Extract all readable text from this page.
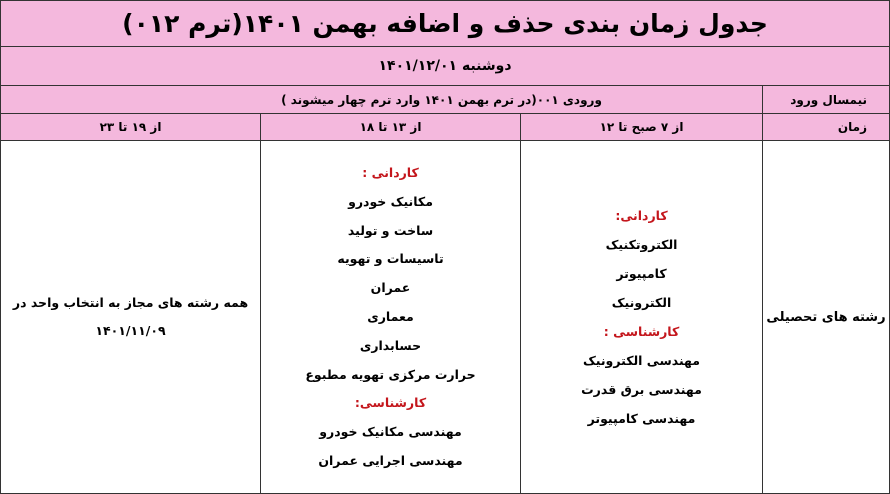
جدول زمان بندی حذف و اضافه بهمن ۱۴۰۱(ترم ۰۱۲)
دوشنبه ۱۴۰۱/۱۲/۰۱
نیمسال ورود
ورودی ۰۰۱(در ترم بهمن ۱۴۰۱ وارد ترم چهار میشوند )
زمان
از ۷ صبح تا ۱۲
از ۱۳ تا ۱۸
از ۱۹ تا ۲۳
رشته های تحصیلی
کاردانی:
الکتروتکنیک
کامپیوتر
الکترونیک
کارشناسی :
مهندسی الکترونیک
مهندسی برق قدرت
مهندسی کامپیوتر
کاردانی :
مکانیک خودرو
ساخت و تولید
تاسیسات و تهویه
عمران
معماری
حسابداری
حرارت مرکزی تهویه مطبوع
کارشناسی:
مهندسی مکانیک خودرو
مهندسی اجرایی عمران
همه رشته های مجاز به انتخاب واحد در
۱۴۰۱/۱۱/۰۹
